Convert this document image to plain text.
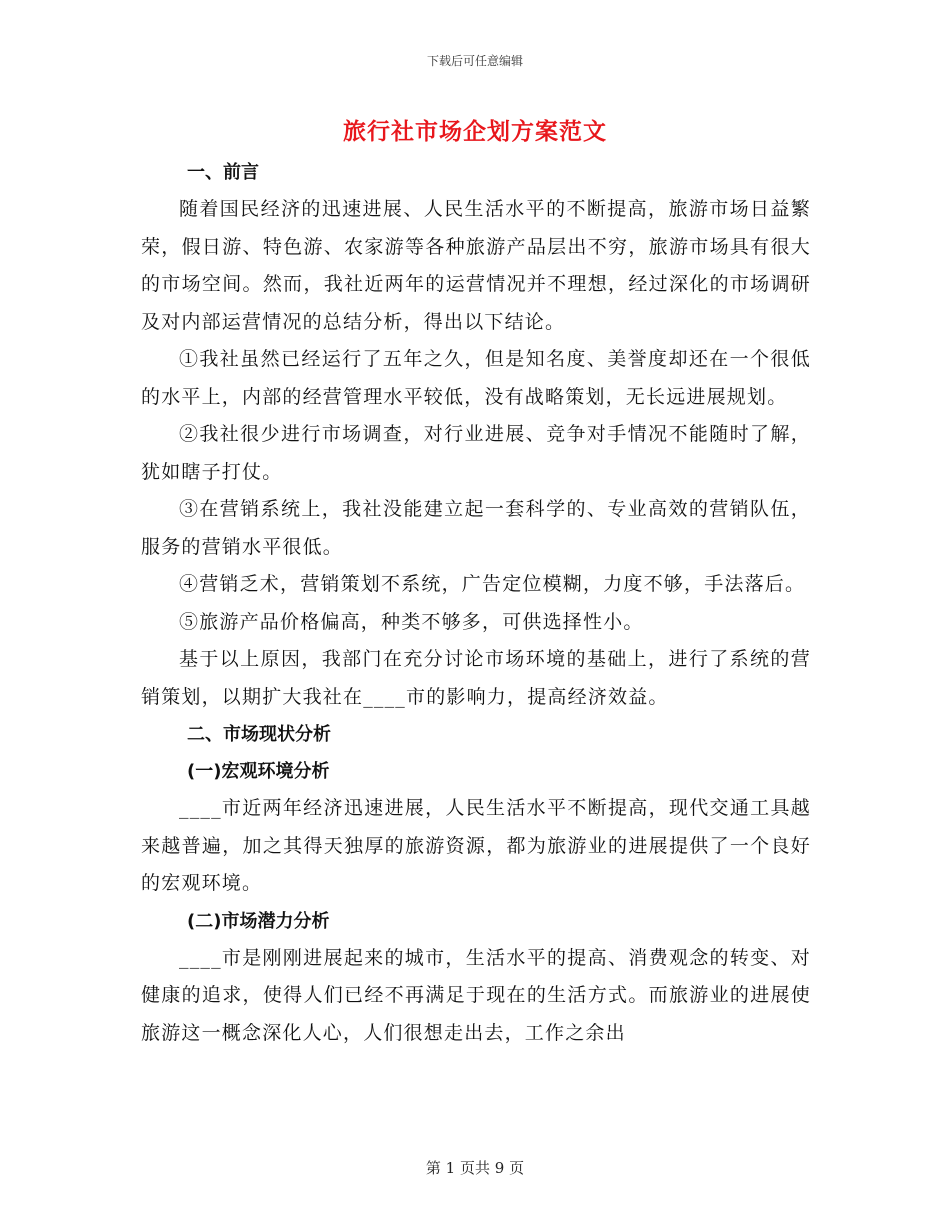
下载后可任意编辑
旅行社市场企划方案范文
一、前言

随着国民经济的迅速进展、人民生活水平的不断提高，旅游市场日益繁荣，假日游、特色游、农家游等各种旅游产品层出不穷，旅游市场具有很大的市场空间。然而，我社近两年的运营情况并不理想，经过深化的市场调研及对内部运营情况的总结分析，得出以下结论。

①我社虽然已经运行了五年之久，但是知名度、美誉度却还在一个很低的水平上，内部的经营管理水平较低，没有战略策划，无长远进展规划。

②我社很少进行市场调查，对行业进展、竞争对手情况不能随时了解，犹如瞎子打仗。

③在营销系统上，我社没能建立起一套科学的、专业高效的营销队伍，服务的营销水平很低。

④营销乏术，营销策划不系统，广告定位模糊，力度不够，手法落后。

⑤旅游产品价格偏高，种类不够多，可供选择性小。

基于以上原因，我部门在充分讨论市场环境的基础上，进行了系统的营销策划，以期扩大我社在____市的影响力，提高经济效益。

二、市场现状分析
(一)宏观环境分析

____市近两年经济迅速进展，人民生活水平不断提高，现代交通工具越来越普遍，加之其得天独厚的旅游资源，都为旅游业的进展提供了一个良好的宏观环境。

(二)市场潜力分析

____市是刚刚进展起来的城市，生活水平的提高、消费观念的转变、对健康的追求，使得人们已经不再满足于现在的生活方式。而旅游业的进展使旅游这一概念深化人心，人们很想走出去，工作之余出

第 1 页共 9 页
